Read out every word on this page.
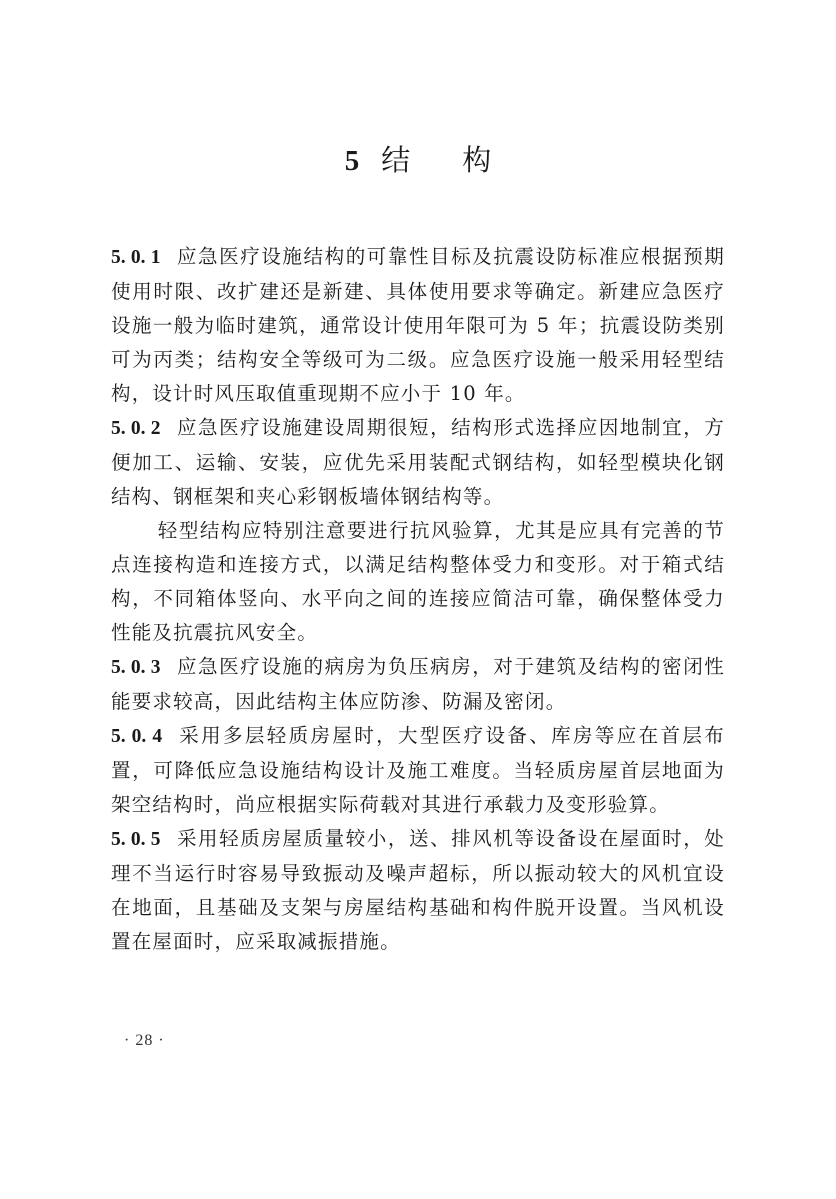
5 结 构

5. 0. 1 应急医疗设施结构的可靠性目标及抗震设防标准应根据预期使用时限、改扩建还是新建、具体使用要求等确定。新建应急医疗设施一般为临时建筑，通常设计使用年限可为 5 年；抗震设防类别可为丙类；结构安全等级可为二级。应急医疗设施一般采用轻型结构，设计时风压取值重现期不应小于 10 年。

5. 0. 2 应急医疗设施建设周期很短，结构形式选择应因地制宜，方便加工、运输、安装，应优先采用装配式钢结构，如轻型模块化钢结构、钢框架和夹心彩钢板墙体钢结构等。

轻型结构应特别注意要进行抗风验算，尤其是应具有完善的节点连接构造和连接方式，以满足结构整体受力和变形。对于箱式结构，不同箱体竖向、水平向之间的连接应简洁可靠，确保整体受力性能及抗震抗风安全。

5. 0. 3 应急医疗设施的病房为负压病房，对于建筑及结构的密闭性能要求较高，因此结构主体应防渗、防漏及密闭。

5. 0. 4 采用多层轻质房屋时，大型医疗设备、库房等应在首层布置，可降低应急设施结构设计及施工难度。当轻质房屋首层地面为架空结构时，尚应根据实际荷载对其进行承载力及变形验算。

5. 0. 5 采用轻质房屋质量较小，送、排风机等设备设在屋面时，处理不当运行时容易导致振动及噪声超标，所以振动较大的风机宜设在地面，且基础及支架与房屋结构基础和构件脱开设置。当风机设置在屋面时，应采取减振措施。

· 28 ·
